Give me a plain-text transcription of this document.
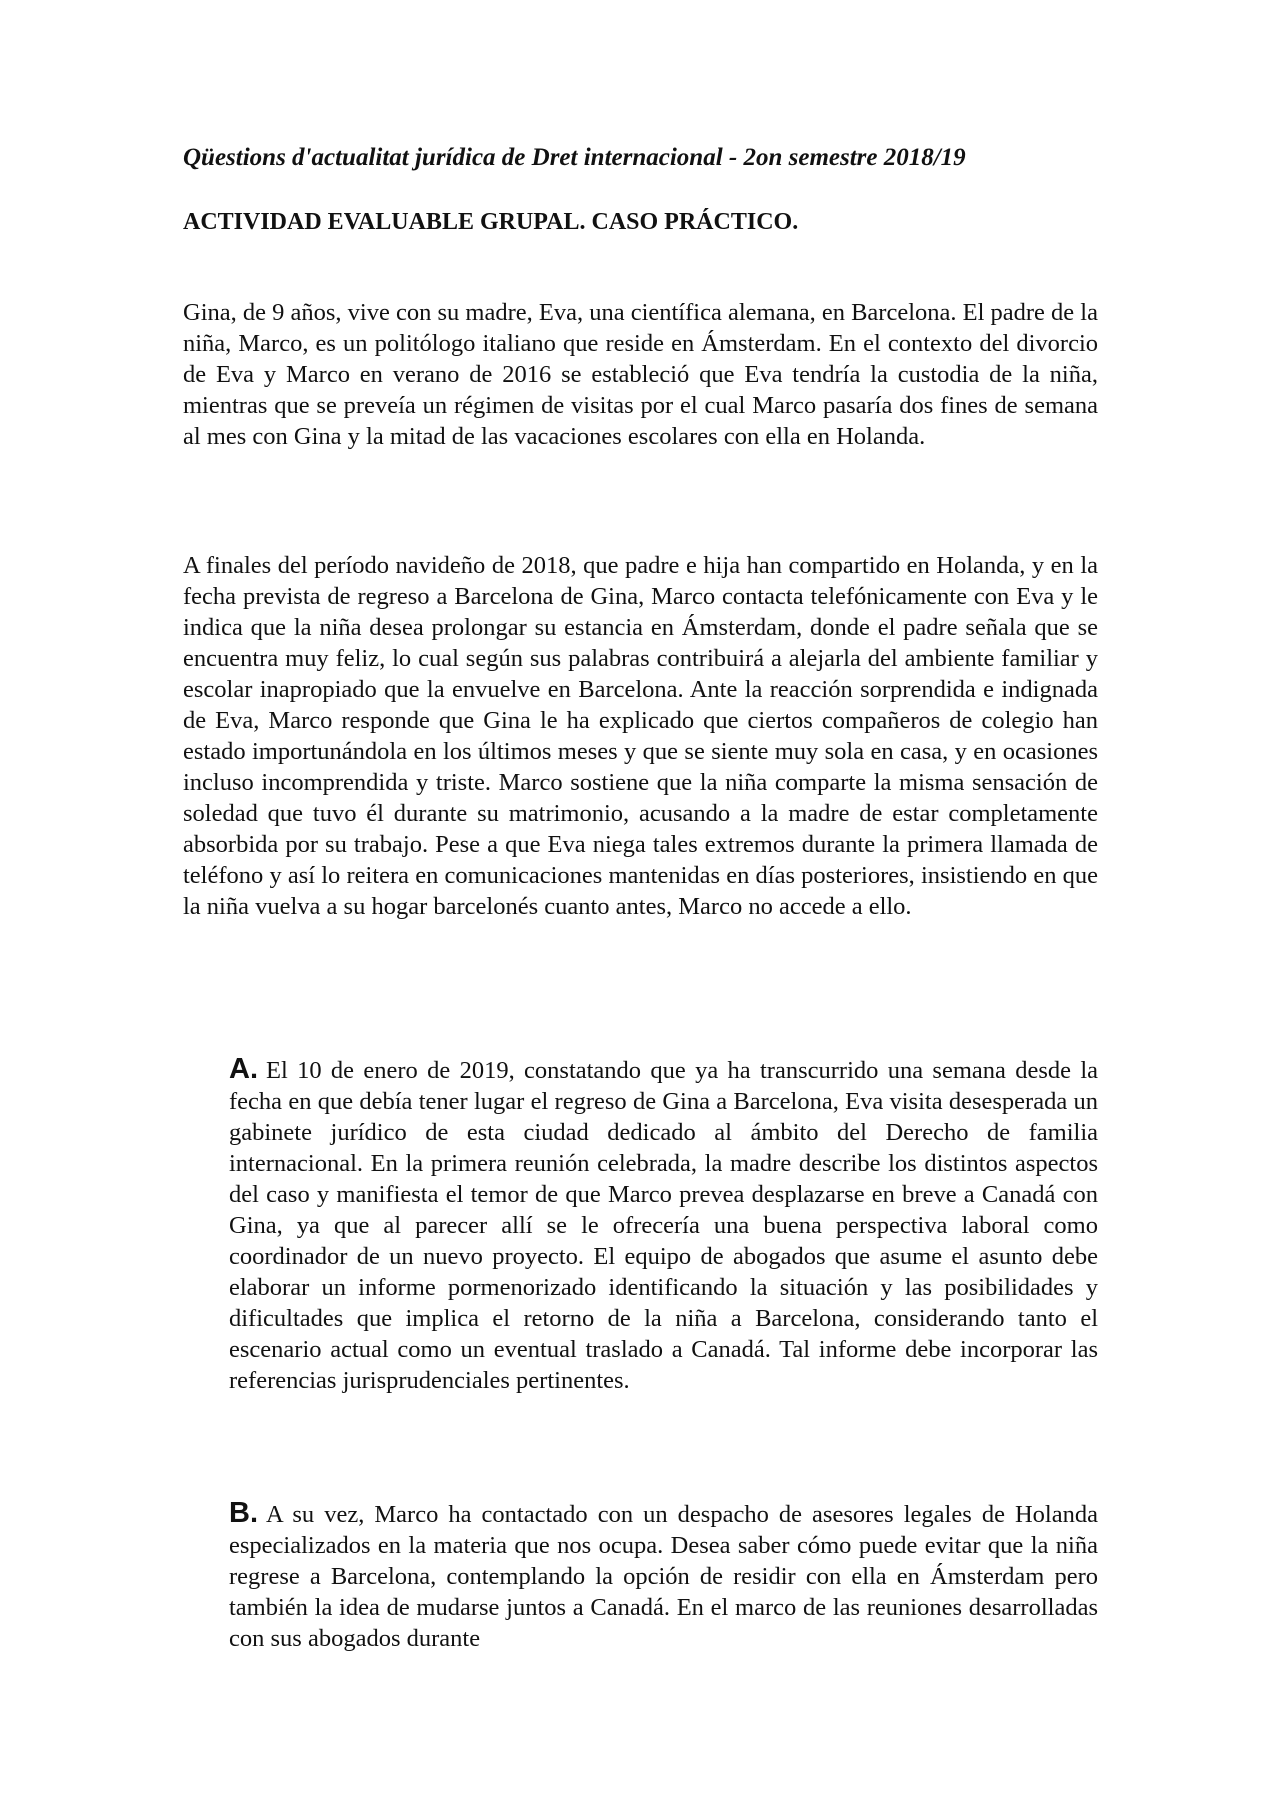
Qüestions d'actualitat jurídica de Dret internacional - 2on semestre 2018/19

ACTIVIDAD EVALUABLE GRUPAL. CASO PRÁCTICO.

Gina, de 9 años, vive con su madre, Eva, una científica alemana, en Barcelona. El padre de la niña, Marco, es un politólogo italiano que reside en Ámsterdam. En el contexto del divorcio de Eva y Marco en verano de 2016 se estableció que Eva tendría la custodia de la niña, mientras que se preveía un régimen de visitas por el cual Marco pasaría dos fines de semana al mes con Gina y la mitad de las vacaciones escolares con ella en Holanda.

A finales del período navideño de 2018, que padre e hija han compartido en Holanda, y en la fecha prevista de regreso a Barcelona de Gina, Marco contacta telefónicamente con Eva y le indica que la niña desea prolongar su estancia en Ámsterdam, donde el padre señala que se encuentra muy feliz, lo cual según sus palabras contribuirá a alejarla del ambiente familiar y escolar inapropiado que la envuelve en Barcelona. Ante la reacción sorprendida e indignada de Eva, Marco responde que Gina le ha explicado que ciertos compañeros de colegio han estado importunándola en los últimos meses y que se siente muy sola en casa, y en ocasiones incluso incomprendida y triste. Marco sostiene que la niña comparte la misma sensación de soledad que tuvo él durante su matrimonio, acusando a la madre de estar completamente absorbida por su trabajo. Pese a que Eva niega tales extremos durante la primera llamada de teléfono y así lo reitera en comunicaciones mantenidas en días posteriores, insistiendo en que la niña vuelva a su hogar barcelonés cuanto antes, Marco no accede a ello.

A. El 10 de enero de 2019, constatando que ya ha transcurrido una semana desde la fecha en que debía tener lugar el regreso de Gina a Barcelona, Eva visita desesperada un gabinete jurídico de esta ciudad dedicado al ámbito del Derecho de familia internacional. En la primera reunión celebrada, la madre describe los distintos aspectos del caso y manifiesta el temor de que Marco prevea desplazarse en breve a Canadá con Gina, ya que al parecer allí se le ofrecería una buena perspectiva laboral como coordinador de un nuevo proyecto. El equipo de abogados que asume el asunto debe elaborar un informe pormenorizado identificando la situación y las posibilidades y dificultades que implica el retorno de la niña a Barcelona, considerando tanto el escenario actual como un eventual traslado a Canadá. Tal informe debe incorporar las referencias jurisprudenciales pertinentes.

B. A su vez, Marco ha contactado con un despacho de asesores legales de Holanda especializados en la materia que nos ocupa. Desea saber cómo puede evitar que la niña regrese a Barcelona, contemplando la opción de residir con ella en Ámsterdam pero también la idea de mudarse juntos a Canadá. En el marco de las reuniones desarrolladas con sus abogados durante
